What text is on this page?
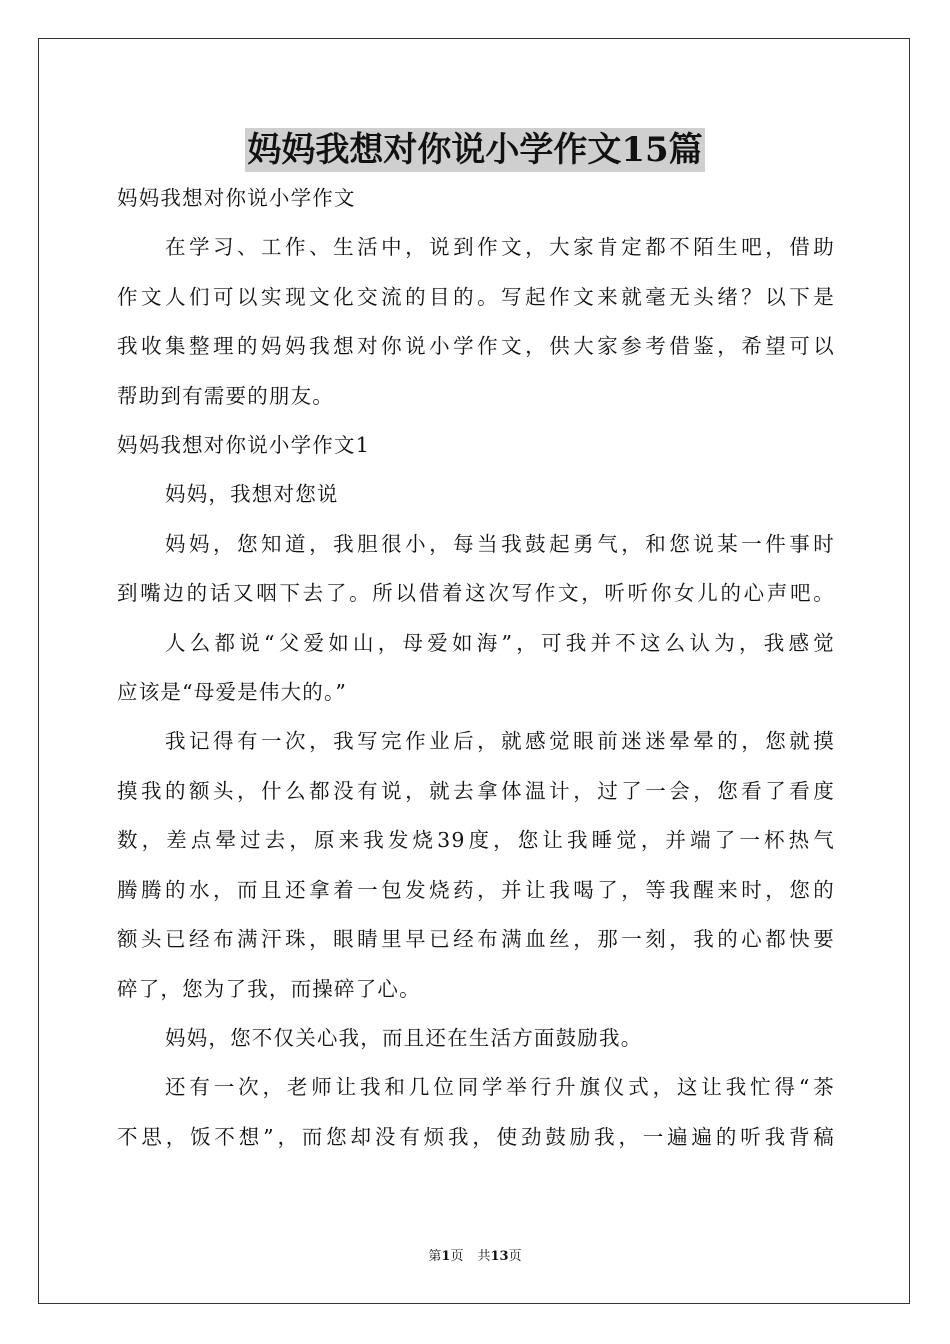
妈妈我想对你说小学作文15篇
妈妈我想对你说小学作文
在学习、工作、生活中，说到作文，大家肯定都不陌生吧，借助
作文人们可以实现文化交流的目的。写起作文来就毫无头绪？以下是
我收集整理的妈妈我想对你说小学作文，供大家参考借鉴，希望可以
帮助到有需要的朋友。
妈妈我想对你说小学作文1
妈妈，我想对您说
妈妈，您知道，我胆很小，每当我鼓起勇气，和您说某一件事时
到嘴边的话又咽下去了。所以借着这次写作文，听听你女儿的心声吧。
人么都说“父爱如山，母爱如海”，可我并不这么认为，我感觉
应该是“母爱是伟大的。”
我记得有一次，我写完作业后，就感觉眼前迷迷晕晕的，您就摸
摸我的额头，什么都没有说，就去拿体温计，过了一会，您看了看度
数，差点晕过去，原来我发烧39度，您让我睡觉，并端了一杯热气
腾腾的水，而且还拿着一包发烧药，并让我喝了，等我醒来时，您的
额头已经布满汗珠，眼睛里早已经布满血丝，那一刻，我的心都快要
碎了，您为了我，而操碎了心。
妈妈，您不仅关心我，而且还在生活方面鼓励我。
还有一次，老师让我和几位同学举行升旗仪式，这让我忙得“茶
不思，饭不想”，而您却没有烦我，使劲鼓励我，一遍遍的听我背稿
第1页 共13页
